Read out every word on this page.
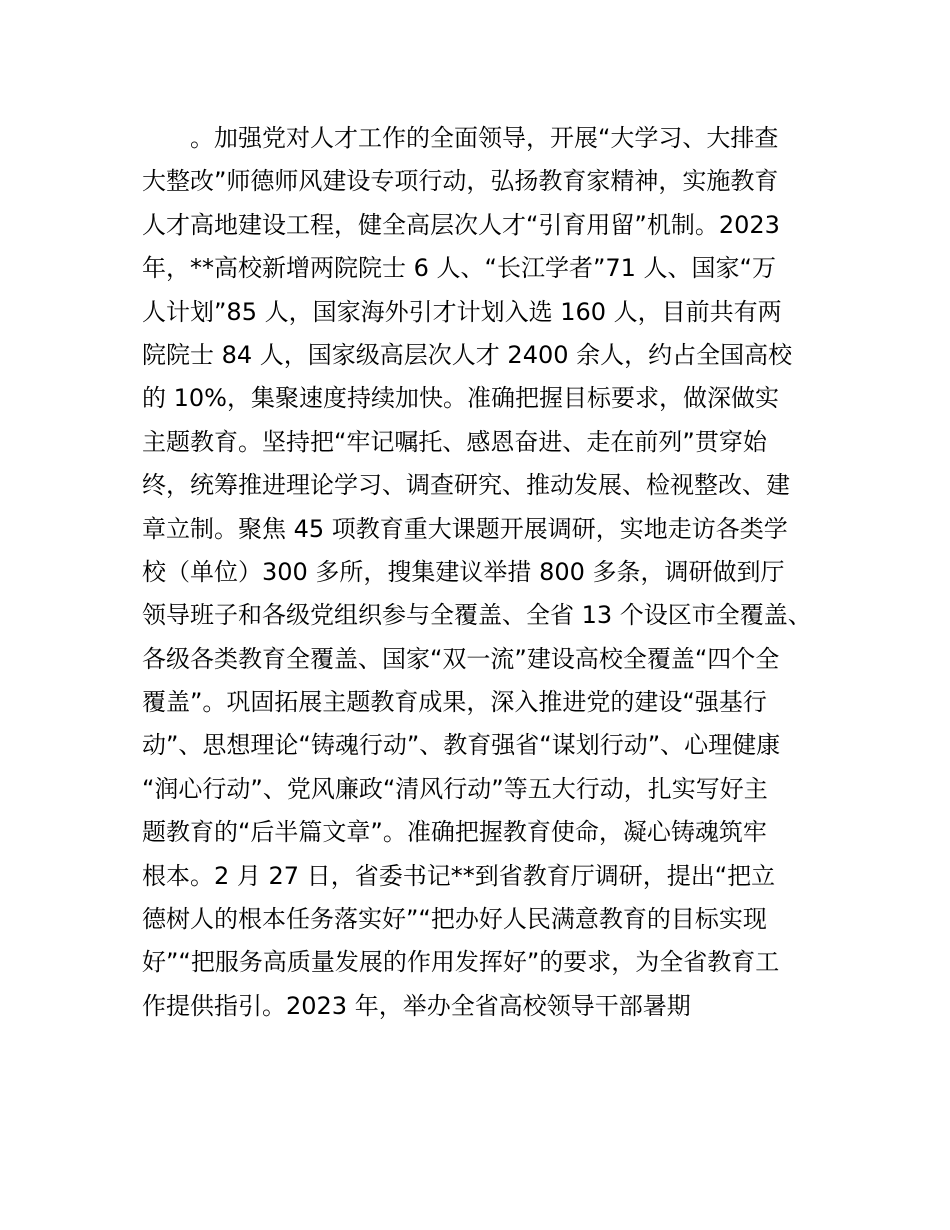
。加强党对人才工作的全面领导，开展“大学习、大排查
大整改”师德师风建设专项行动，弘扬教育家精神，实施教育
人才高地建设工程，健全高层次人才“引育用留”机制。2023
年，**高校新增两院院士 6 人、“长江学者”71 人、国家“万
人计划”85 人，国家海外引才计划入选 160 人，目前共有两
院院士 84 人，国家级高层次人才 2400 余人，约占全国高校
的 10%，集聚速度持续加快。准确把握目标要求，做深做实
主题教育。坚持把“牢记嘱托、感恩奋进、走在前列”贯穿始
终，统筹推进理论学习、调查研究、推动发展、检视整改、建
章立制。聚焦 45 项教育重大课题开展调研，实地走访各类学
校（单位）300 多所，搜集建议举措 800 多条，调研做到厅
领导班子和各级党组织参与全覆盖、全省 13 个设区市全覆盖、
各级各类教育全覆盖、国家“双一流”建设高校全覆盖“四个全
覆盖”。巩固拓展主题教育成果，深入推进党的建设“强基行
动”、思想理论“铸魂行动”、教育强省“谋划行动”、心理健康
“润心行动”、党风廉政“清风行动”等五大行动，扎实写好主
题教育的“后半篇文章”。准确把握教育使命，凝心铸魂筑牢
根本。2 月 27 日，省委书记**到省教育厅调研，提出“把立
德树人的根本任务落实好”“把办好人民满意教育的目标实现
好”“把服务高质量发展的作用发挥好”的要求，为全省教育工
作提供指引。2023 年，举办全省高校领导干部暑期
